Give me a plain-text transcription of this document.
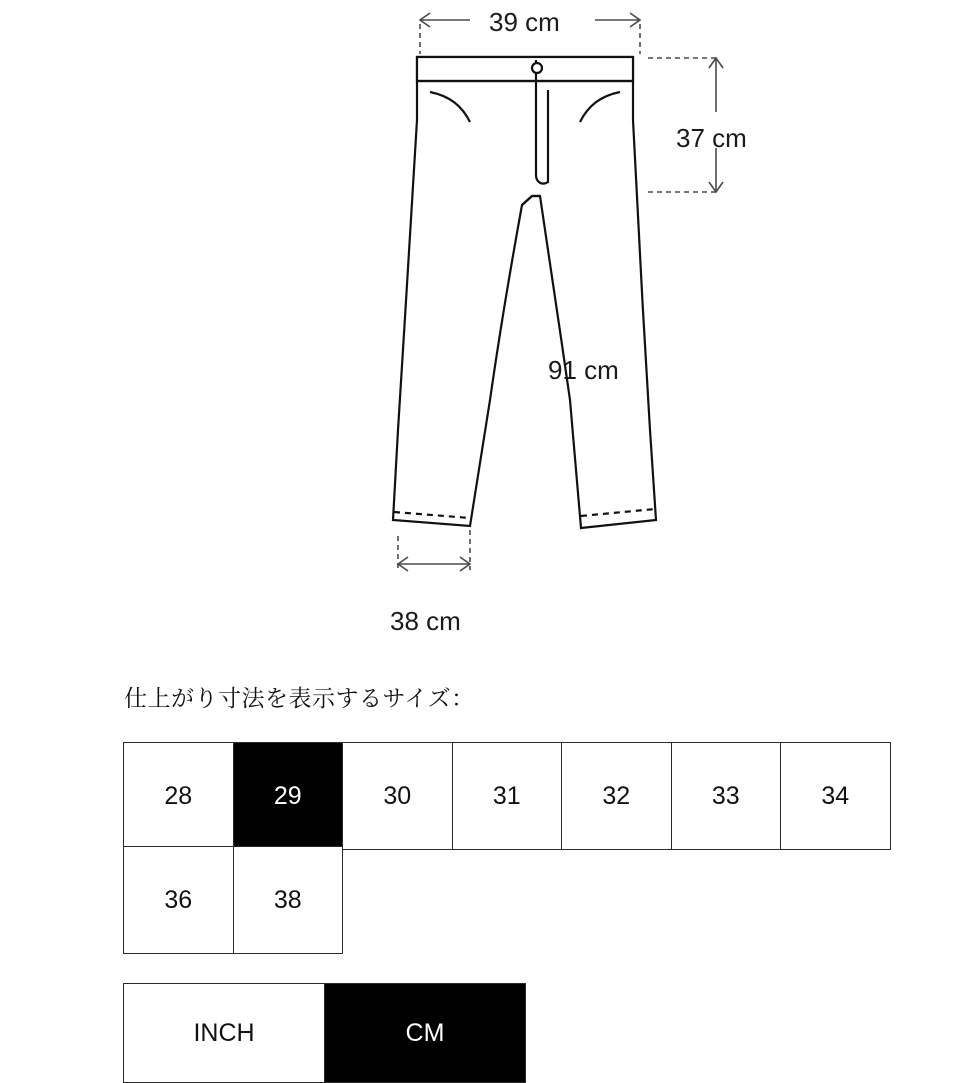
39 cm
37 cm
91 cm
38 cm
仕上がり寸法を表示するサイズ：
28	29	30	31	32	33	34
36	38
INCH	CM
